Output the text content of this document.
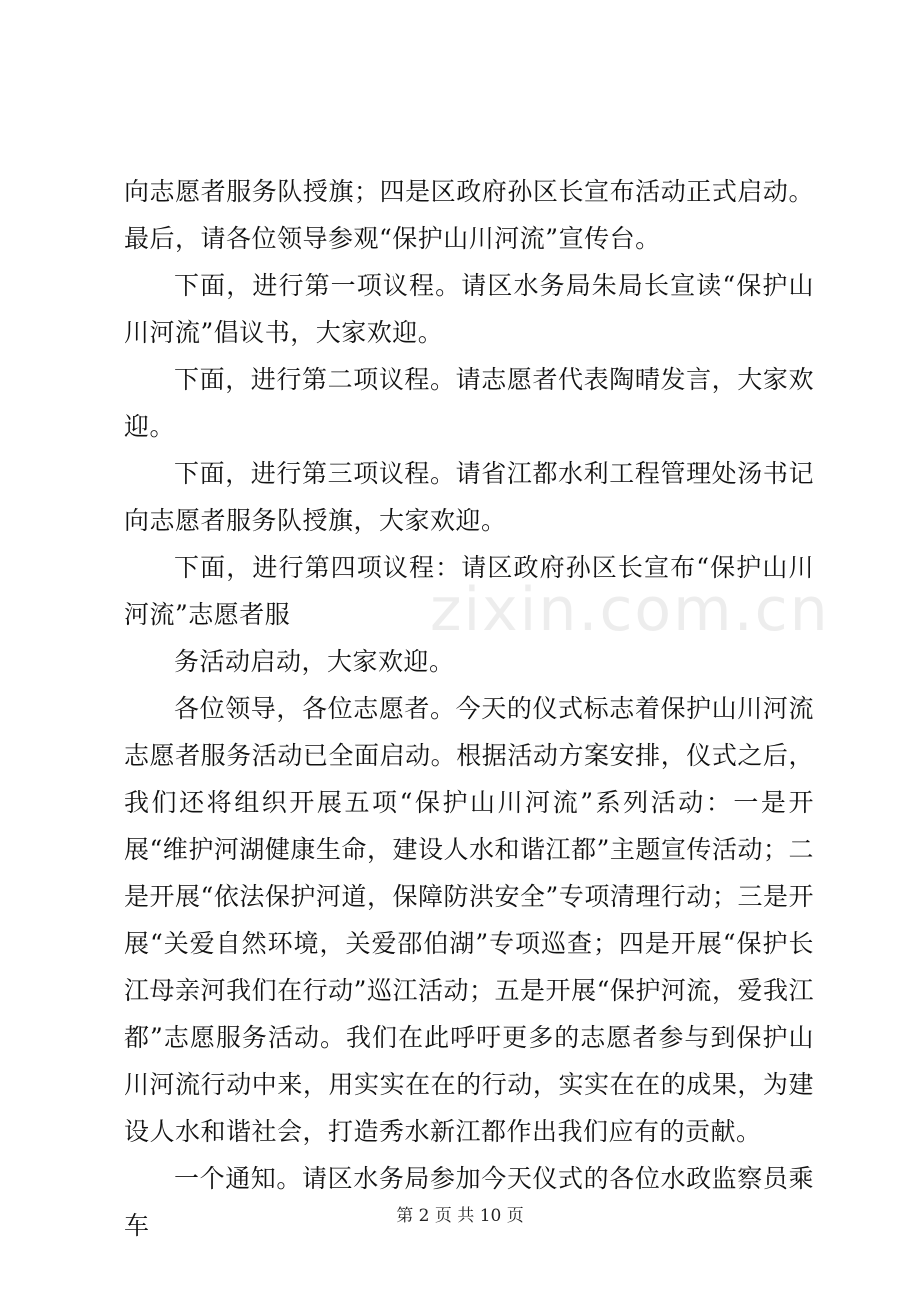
向志愿者服务队授旗；四是区政府孙区长宣布活动正式启动。最后，请各位领导参观“保护山川河流”宣传台。

下面，进行第一项议程。请区水务局朱局长宣读“保护山川河流”倡议书，大家欢迎。

下面，进行第二项议程。请志愿者代表陶晴发言，大家欢迎。

下面，进行第三项议程。请省江都水利工程管理处汤书记向志愿者服务队授旗，大家欢迎。

下面，进行第四项议程：请区政府孙区长宣布“保护山川河流”志愿者服

务活动启动，大家欢迎。

各位领导，各位志愿者。今天的仪式标志着保护山川河流志愿者服务活动已全面启动。根据活动方案安排，仪式之后，我们还将组织开展五项“保护山川河流”系列活动：一是开展“维护河湖健康生命，建设人水和谐江都”主题宣传活动；二是开展“依法保护河道，保障防洪安全”专项清理行动；三是开展“关爱自然环境，关爱邵伯湖”专项巡查；四是开展“保护长江母亲河我们在行动”巡江活动；五是开展“保护河流，爱我江都”志愿服务活动。我们在此呼吁更多的志愿者参与到保护山川河流行动中来，用实实在在的行动，实实在在的成果，为建设人水和谐社会，打造秀水新江都作出我们应有的贡献。

一个通知。请区水务局参加今天仪式的各位水政监察员乘车

zixin.com.cn
第 2 页 共 10 页
